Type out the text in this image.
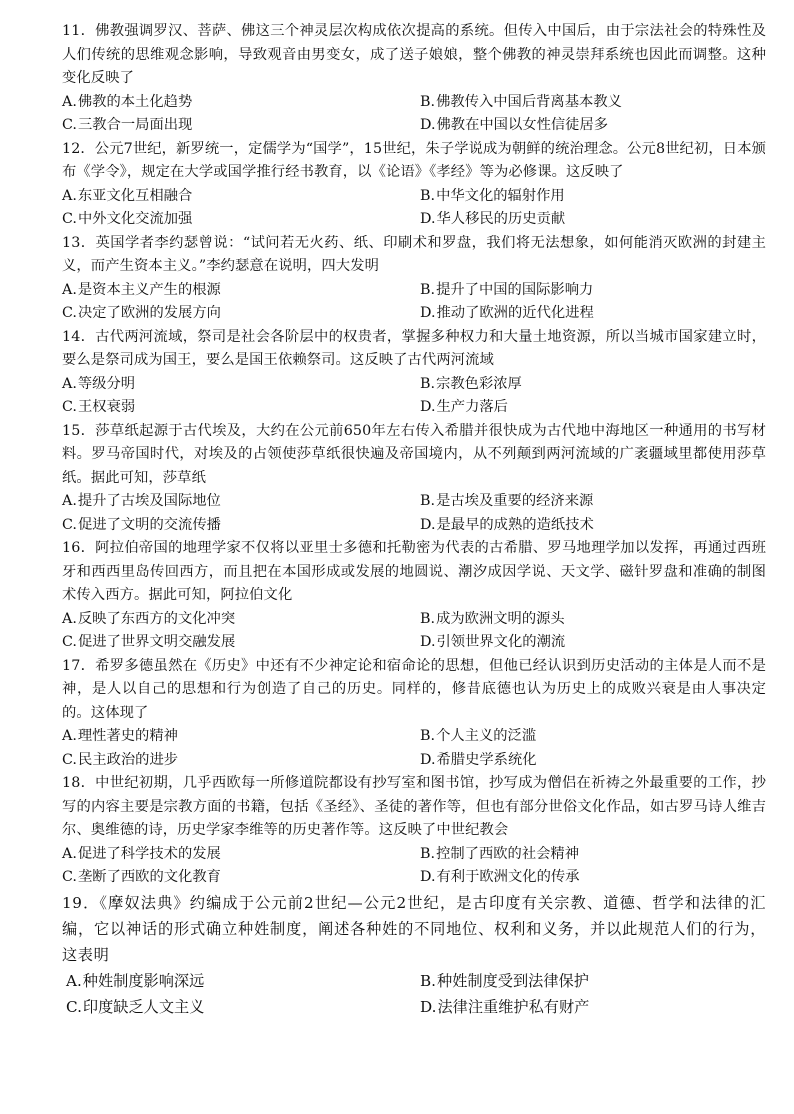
11．佛教强调罗汉、菩萨、佛这三个神灵层次构成依次提高的系统。但传入中国后，由于宗法社会的特殊性及人们传统的思维观念影响，导致观音由男变女，成了送子娘娘，整个佛教的神灵崇拜系统也因此而调整。这种变化反映了

A.佛教的本土化趋势	B.佛教传入中国后背离基本教义
C.三教合一局面出现	D.佛教在中国以女性信徒居多

12．公元7世纪，新罗统一，定儒学为“国学”，15世纪，朱子学说成为朝鲜的统治理念。公元8世纪初，日本颁布《学令》，规定在大学或国学推行经书教育，以《论语》《孝经》等为必修课。这反映了

A.东亚文化互相融合	B.中华文化的辐射作用
C.中外文化交流加强	D.华人移民的历史贡献

13．英国学者李约瑟曾说：“试问若无火药、纸、印刷术和罗盘，我们将无法想象，如何能消灭欧洲的封建主义，而产生资本主义。”李约瑟意在说明，四大发明

A.是资本主义产生的根源	B.提升了中国的国际影响力
C.决定了欧洲的发展方向	D.推动了欧洲的近代化进程

14．古代两河流域，祭司是社会各阶层中的权贵者，掌握多种权力和大量土地资源，所以当城市国家建立时，要么是祭司成为国王，要么是国王依赖祭司。这反映了古代两河流域

A.等级分明	B.宗教色彩浓厚
C.王权衰弱	D.生产力落后

15．莎草纸起源于古代埃及，大约在公元前650年左右传入希腊并很快成为古代地中海地区一种通用的书写材料。罗马帝国时代，对埃及的占领使莎草纸很快遍及帝国境内，从不列颠到两河流域的广袤疆域里都使用莎草纸。据此可知，莎草纸

A.提升了古埃及国际地位	B.是古埃及重要的经济来源
C.促进了文明的交流传播	D.是最早的成熟的造纸技术

16．阿拉伯帝国的地理学家不仅将以亚里士多德和托勒密为代表的古希腊、罗马地理学加以发挥，再通过西班牙和西西里岛传回西方，而且把在本国形成或发展的地圆说、潮汐成因学说、天文学、磁针罗盘和准确的制图术传入西方。据此可知，阿拉伯文化

A.反映了东西方的文化冲突	B.成为欧洲文明的源头
C.促进了世界文明交融发展	D.引领世界文化的潮流

17．希罗多德虽然在《历史》中还有不少神定论和宿命论的思想，但他已经认识到历史活动的主体是人而不是神，是人以自己的思想和行为创造了自己的历史。同样的，修昔底德也认为历史上的成败兴衰是由人事决定的。这体现了

A.理性著史的精神	B.个人主义的泛滥
C.民主政治的进步	D.希腊史学系统化

18．中世纪初期，几乎西欧每一所修道院都设有抄写室和图书馆，抄写成为僧侣在祈祷之外最重要的工作，抄写的内容主要是宗教方面的书籍，包括《圣经》、圣徒的著作等，但也有部分世俗文化作品，如古罗马诗人维吉尔、奥维德的诗，历史学家李维等的历史著作等。这反映了中世纪教会

A.促进了科学技术的发展	B.控制了西欧的社会精神
C.垄断了西欧的文化教育	D.有利于欧洲文化的传承

19．《摩奴法典》约编成于公元前2世纪—公元2世纪，是古印度有关宗教、道德、哲学和法律的汇编，它以神话的形式确立种姓制度，阐述各种姓的不同地位、权利和义务，并以此规范人们的行为，这表明

A.种姓制度影响深远	B.种姓制度受到法律保护
C.印度缺乏人文主义	D.法律注重维护私有财产
